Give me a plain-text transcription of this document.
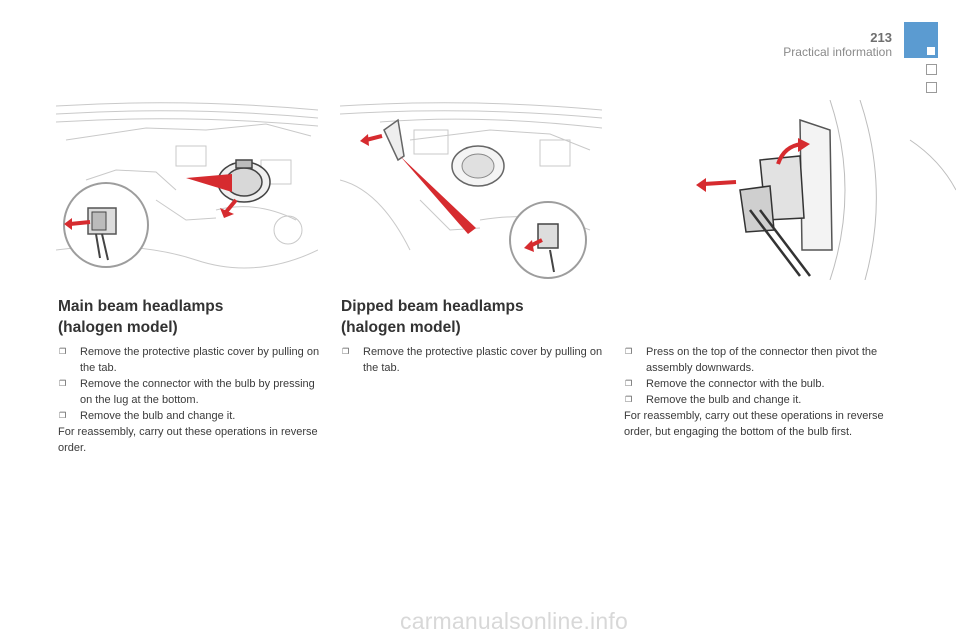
213
Practical information
Main beam headlamps
(halogen model)
❒ Remove the protective plastic cover by pulling on the tab.
❒ Remove the connector with the bulb by pressing on the lug at the bottom.
❒ Remove the bulb and change it.
For reassembly, carry out these operations in reverse order.
Dipped beam headlamps
(halogen model)
❒ Remove the protective plastic cover by pulling on the tab.
❒ Press on the top of the connector then pivot the assembly downwards.
❒ Remove the connector with the bulb.
❒ Remove the bulb and change it.
For reassembly, carry out these operations in reverse order, but engaging the bottom of the bulb first.
carmanualsonline.info
